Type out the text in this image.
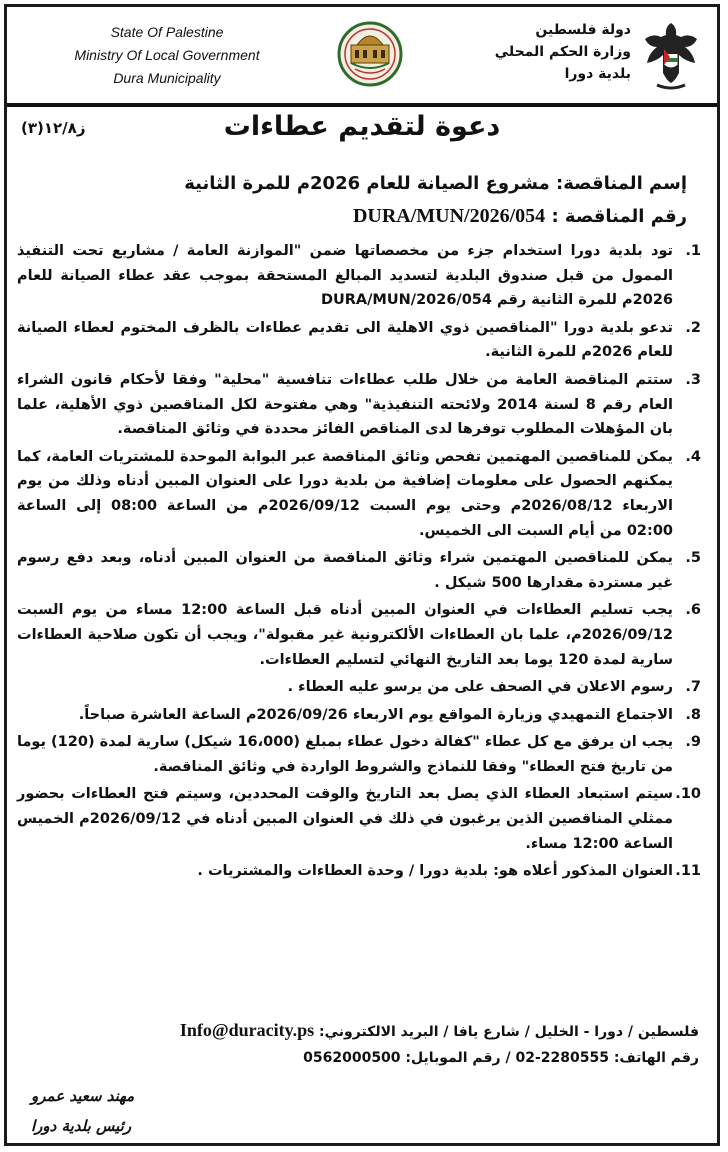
State Of Palestine
Ministry Of Local Government
Dura Municipality
دولة فلسطين
وزارة الحكم المحلي
بلدية دورا
ز١٢/٨(٣)	دعوة لتقديم عطاءات
إسم المناقصة: مشروع الصيانة للعام 2026م للمرة الثانية
رقم المناقصة : DURA/MUN/2026/054
1.
تود بلدية دورا استخدام جزء من مخصصاتها ضمن "الموازنة العامة / مشاريع تحت التنفيذ الممول من قبل صندوق البلدية لتسديد المبالغ المستحقة بموجب عقد عطاء الصيانة للعام 2026م للمرة الثانية رقم DURA/MUN/2026/054
2.
تدعو بلدية دورا "المناقصين ذوي الاهلية الى تقديم عطاءات بالظرف المختوم لعطاء الصيانة للعام 2026م للمرة الثانية.
3.
ستتم المناقصة العامة من خلال طلب عطاءات تنافسية "محلية" وفقا لأحكام قانون الشراء العام رقم 8 لسنة 2014 ولائحته التنفيذية" وهي مفتوحة لكل المناقصين ذوي الأهلية، علما بان المؤهلات المطلوب توفرها لدى المناقص الفائز محددة في وثائق المناقصة.
4.
يمكن للمناقصين المهتمين تفحص وثائق المناقصة عبر البوابة الموحدة للمشتريات العامة، كما يمكنهم الحصول على معلومات إضافية من بلدية دورا على العنوان المبين أدناه وذلك من يوم الاربعاء 2026/08/12م وحتى يوم السبت 2026/09/12م من الساعة 08:00 إلى الساعة 02:00 من أيام السبت الى الخميس.
5.
يمكن للمناقصين المهتمين شراء وثائق المناقصة من العنوان المبين أدناه، وبعد دفع رسوم غير مستردة مقدارها 500 شيكل .
6.
يجب تسليم العطاءات في العنوان المبين أدناه قبل الساعة 12:00 مساء من يوم السبت 2026/09/12م، علما بان العطاءات الألكترونية غير مقبولة"، ويجب أن تكون صلاحية العطاءات سارية لمدة 120 يوما بعد التاريخ النهائي لتسليم العطاءات.
7.
رسوم الاعلان في الصحف على من يرسو عليه العطاء .
8.
الاجتماع التمهيدي وزيارة المواقع يوم الاربعاء 2026/09/26م الساعة العاشرة صباحاً.
9.
يجب ان يرفق مع كل عطاء "كفالة دخول عطاء بمبلغ (16،000 شيكل) سارية لمدة (120) يوما من تاريخ فتح العطاء" وفقا للنماذج والشروط الواردة في وثائق المناقصة.
10.
سيتم استبعاد العطاء الذي يصل بعد التاريخ والوقت المحددين، وسيتم فتح العطاءات بحضور ممثلي المناقصين الذين يرغبون في ذلك في العنوان المبين أدناه في 2026/09/12م الخميس الساعة 12:00 مساء.
11.
العنوان المذكور أعلاه هو: بلدية دورا / وحدة العطاءات والمشتريات .
فلسطين / دورا - الخليل / شارع يافا / البريد الالكتروني: Info@duracity.ps
رقم الهاتف: 2280555-02 / رقم الموبايل: 0562000500
مهند سعيد عمرو
رئيس بلدية دورا
